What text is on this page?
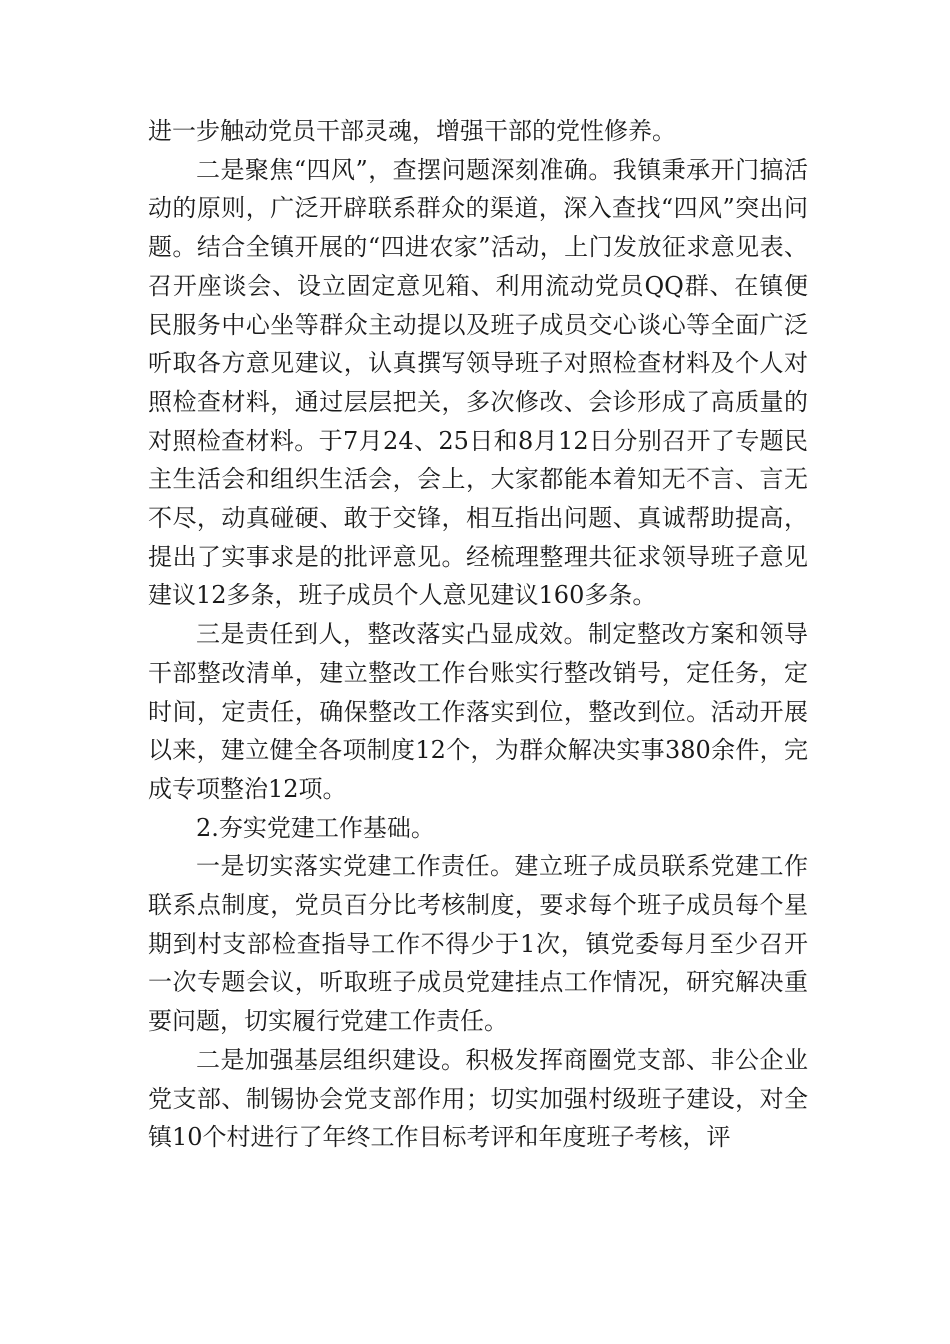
进一步触动党员干部灵魂，增强干部的党性修养。

二是聚焦“四风”，查摆问题深刻准确。我镇秉承开门搞活动的原则，广泛开辟联系群众的渠道，深入查找“四风”突出问题。结合全镇开展的“四进农家”活动，上门发放征求意见表、召开座谈会、设立固定意见箱、利用流动党员QQ群、在镇便民服务中心坐等群众主动提以及班子成员交心谈心等全面广泛听取各方意见建议，认真撰写领导班子对照检查材料及个人对照检查材料，通过层层把关，多次修改、会诊形成了高质量的对照检查材料。于7月24、25日和8月12日分别召开了专题民主生活会和组织生活会，会上，大家都能本着知无不言、言无不尽，动真碰硬、敢于交锋，相互指出问题、真诚帮助提高，提出了实事求是的批评意见。经梳理整理共征求领导班子意见建议12多条，班子成员个人意见建议160多条。

三是责任到人，整改落实凸显成效。制定整改方案和领导干部整改清单，建立整改工作台账实行整改销号，定任务，定时间，定责任，确保整改工作落实到位，整改到位。活动开展以来，建立健全各项制度12个，为群众解决实事380余件，完成专项整治12项。

2.夯实党建工作基础。

一是切实落实党建工作责任。建立班子成员联系党建工作联系点制度，党员百分比考核制度，要求每个班子成员每个星期到村支部检查指导工作不得少于1次，镇党委每月至少召开一次专题会议，听取班子成员党建挂点工作情况，研究解决重要问题，切实履行党建工作责任。

二是加强基层组织建设。积极发挥商圈党支部、非公企业党支部、制锡协会党支部作用；切实加强村级班子建设，对全镇10个村进行了年终工作目标考评和年度班子考核，评
